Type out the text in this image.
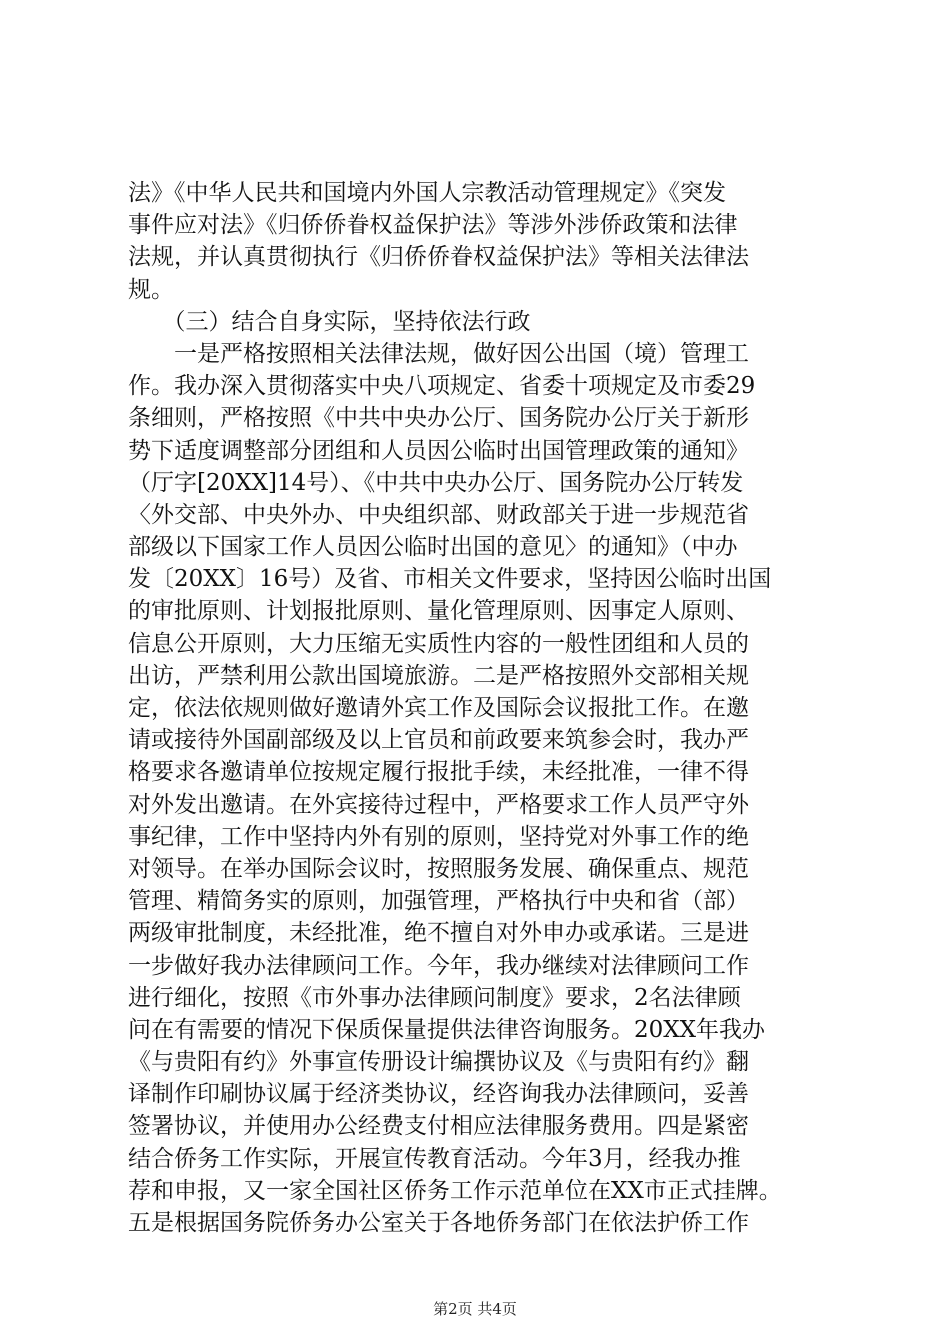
法》《中华人民共和国境内外国人宗教活动管理规定》《突发
事件应对法》《归侨侨眷权益保护法》等涉外涉侨政策和法律
法规，并认真贯彻执行《归侨侨眷权益保护法》等相关法律法
规。
　　（三）结合自身实际，坚持依法行政
　　一是严格按照相关法律法规，做好因公出国（境）管理工
作。我办深入贯彻落实中央八项规定、省委十项规定及市委29
条细则，严格按照《中共中央办公厅、国务院办公厅关于新形
势下适度调整部分团组和人员因公临时出国管理政策的通知》
（厅字[20XX]14号）、《中共中央办公厅、国务院办公厅转发
〈外交部、中央外办、中央组织部、财政部关于进一步规范省
部级以下国家工作人员因公临时出国的意见〉的通知》（中办
发〔20XX〕16号）及省、市相关文件要求，坚持因公临时出国
的审批原则、计划报批原则、量化管理原则、因事定人原则、
信息公开原则，大力压缩无实质性内容的一般性团组和人员的
出访，严禁利用公款出国境旅游。二是严格按照外交部相关规
定，依法依规则做好邀请外宾工作及国际会议报批工作。在邀
请或接待外国副部级及以上官员和前政要来筑参会时，我办严
格要求各邀请单位按规定履行报批手续，未经批准，一律不得
对外发出邀请。在外宾接待过程中，严格要求工作人员严守外
事纪律，工作中坚持内外有别的原则，坚持党对外事工作的绝
对领导。在举办国际会议时，按照服务发展、确保重点、规范
管理、精简务实的原则，加强管理，严格执行中央和省（部）
两级审批制度，未经批准，绝不擅自对外申办或承诺。三是进
一步做好我办法律顾问工作。今年，我办继续对法律顾问工作
进行细化，按照《市外事办法律顾问制度》要求，2名法律顾
问在有需要的情况下保质保量提供法律咨询服务。20XX年我办
《与贵阳有约》外事宣传册设计编撰协议及《与贵阳有约》翻
译制作印刷协议属于经济类协议，经咨询我办法律顾问，妥善
签署协议，并使用办公经费支付相应法律服务费用。四是紧密
结合侨务工作实际，开展宣传教育活动。今年3月，经我办推
荐和申报，又一家全国社区侨务工作示范单位在XX市正式挂牌。
五是根据国务院侨务办公室关于各地侨务部门在依法护侨工作
第2页 共4页
